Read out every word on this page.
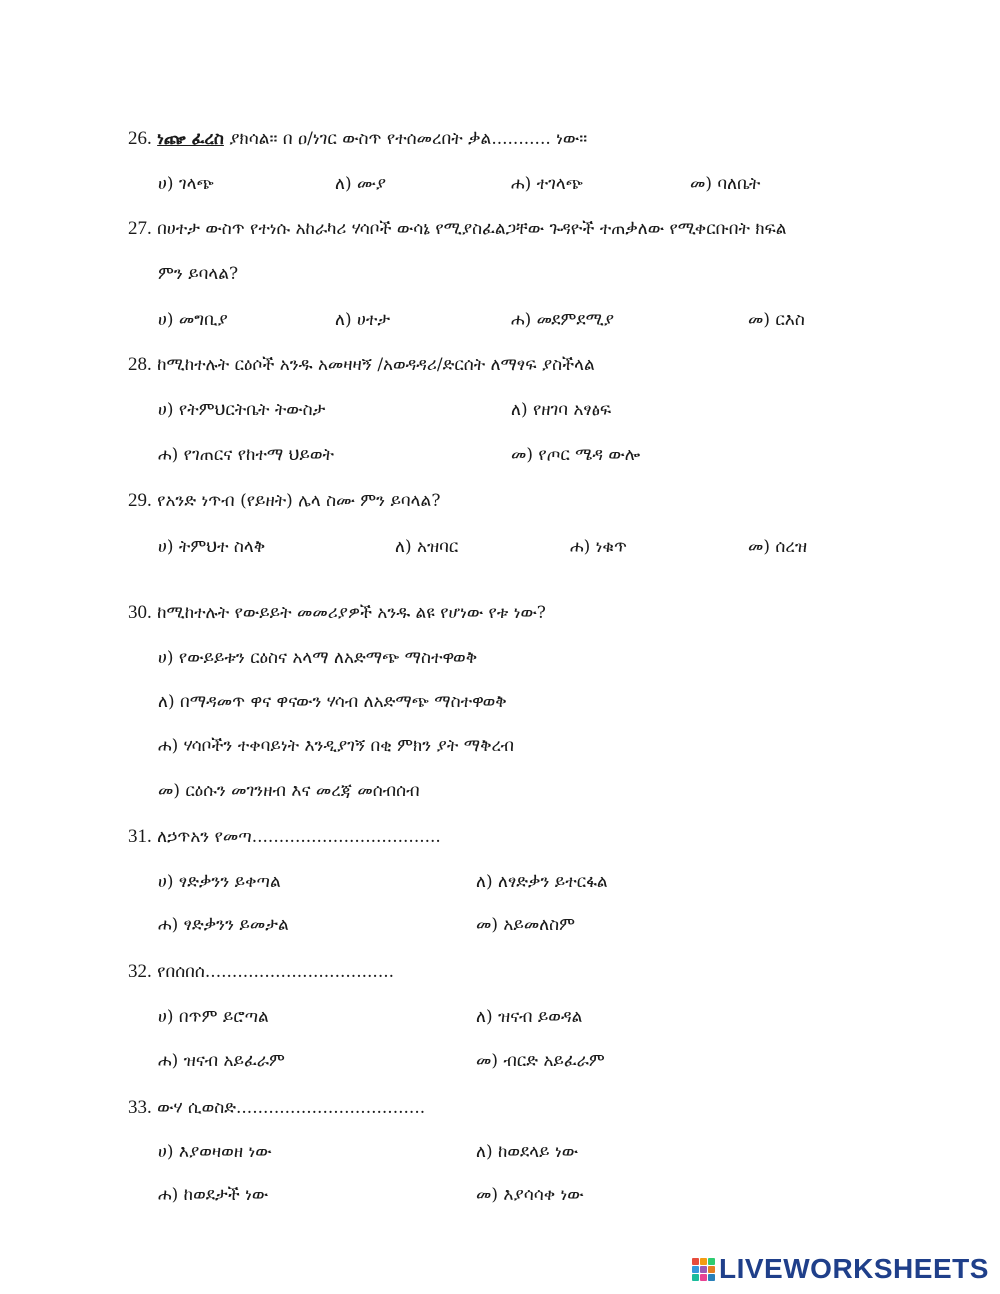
26. ነጬ ፈረስ ያክሳል። በ ዐ/ነገር ውስጥ የተሰመረበት ቃል........... ነው።
ሀ) ገላጭ	ለ) ሙያ	ሐ) ተገላጭ	መ) ባለቤት
27. በሀተታ ውስጥ የተነሱ አከራካሪ ሃሳቦች ውሳኔ የሚያስፈልጋቸው ጉዳዮች ተጠቃለው የሚቀርቡበት ክፍል
ምን ይባላል?
ሀ) መግቢያ	ለ) ሀተታ	ሐ) መደምደሚያ	መ) ርእስ
28. ከሚከተሉት ርዕሶች አንዱ አመዛዛኝ /አወዳዳሪ/ድርሰት ለማፃፍ ያስችላል
ሀ) የትምህርትቤት ትውስታ	ለ) የዘገባ አፃፅፍ
ሐ) የገጠርና የከተማ ህይወት	መ) የጦር ሜዳ ውሎ
29. የአንድ ነጥብ (የይዘት) ሌላ ስሙ ምን ይባላል?
ሀ) ትምህተ ስላቅ	ለ) አዝባር	ሐ) ነቁጥ	መ) ሰረዝ
30. ከሚከተሉት የውይይት መመሪያዎች አንዱ ልዩ የሆነው የቱ ነው?
ሀ) የውይይቱን ርዕስና አላማ ለአድማጭ ማስተዋወቅ
ለ) በማዳመጥ ዋና ዋናውን ሃሳብ ለአድማጭ ማስተዋወቅ
ሐ) ሃሳቦችን ተቀባይነት እንዲያገኝ በቂ ምክን ያት ማቅረብ
መ) ርዕሱን መገንዘብ እና መረጃ መሰብሰብ
31. ለኃጥአን የመጣ...................................
ሀ) ፃድቃንን ይቀጣል	ለ) ለፃድቃን ይተርፋል
ሐ) ፃድቃንን ይመታል	መ) አይመለስም
32. የበሰበሰ...................................
ሀ) በጥም ይሮጣል	ለ) ዝናብ ይወዳል
ሐ) ዝናብ አይፈራም	መ) ብርድ አይፈራም
33. ውሃ ሲወስድ...................................
ሀ) እያወዛወዘ ነው	ለ) ከወደላይ ነው
ሐ) ከወደታች ነው	መ) እያሳሳቀ ነው
LIVEWORKSHEETS
